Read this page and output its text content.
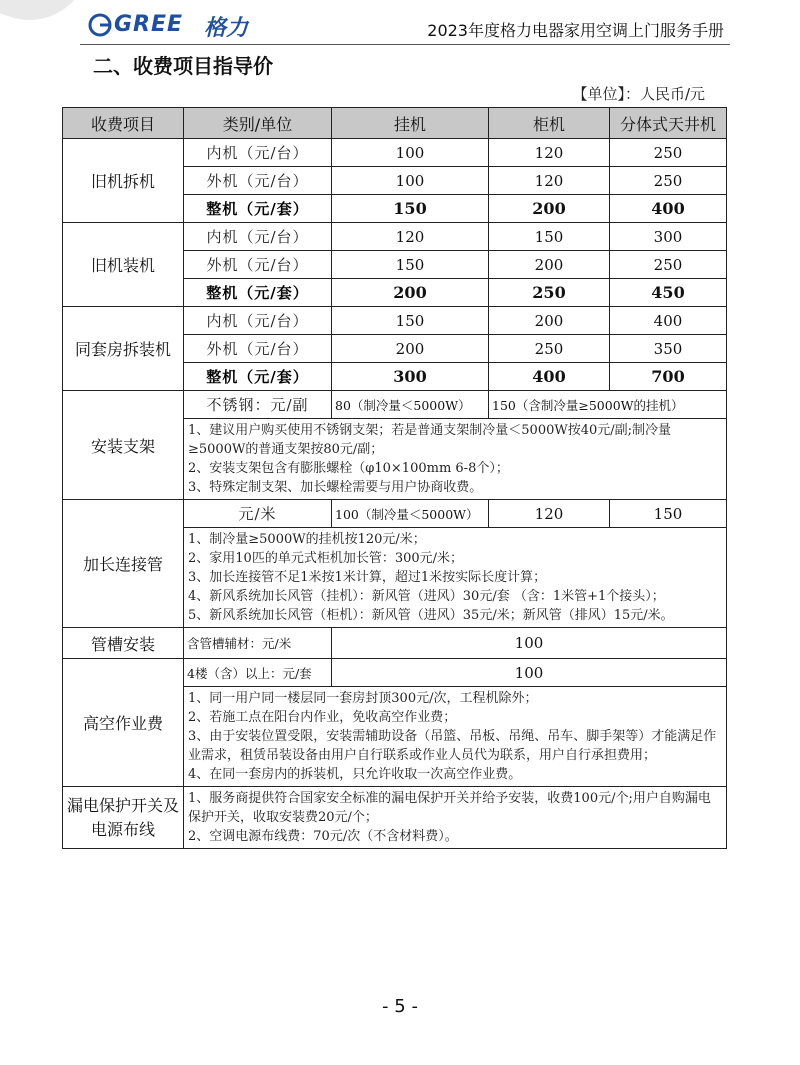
GREE 格力	2023年度格力电器家用空调上门服务手册
二、收费项目指导价
【单位】：人民币/元
收费项目	类别/单位	挂机	柜机	分体式天井机
旧机拆机	内机（元/台）	100	120	250
	外机（元/台）	100	120	250
	整机（元/套）	150	200	400
旧机装机	内机（元/台）	120	150	300
	外机（元/台）	150	200	250
	整机（元/套）	200	250	450
同套房拆装机	内机（元/台）	150	200	400
	外机（元/台）	200	250	350
	整机（元/套）	300	400	700
安装支架	不锈钢：元/副	80（制冷量＜5000W）	150（含制冷量≥5000W的挂机）	

	1、建议用户购买使用不锈钢支架；若是普通支架制冷量＜5000W按40元/副;制冷量≥5000W的普通支架按80元/副；
2、安装支架包含有膨胀螺栓（φ10×100mm 6-8个）；
3、特殊定制支架、加长螺栓需要与用户协商收费。			

加长连接管	元/米	100（制冷量＜5000W）	120	150

	1、制冷量≥5000W的挂机按120元/米；
2、家用10匹的单元式柜机加长管：300元/米；
3、加长连接管不足1米按1米计算，超过1米按实际长度计算；
4、新风系统加长风管（挂机）：新风管（进风）30元/套 （含：1米管+1个接头）；
5、新风系统加长风管（柜机）：新风管（进风）35元/米；新风管（排风）15元/米。			

管槽安装	含管槽辅材：元/米	100		
高空作业费	4楼（含）以上：元/套	100		

	1、同一用户同一楼层同一套房封顶300元/次，工程机除外；
2、若施工点在阳台内作业，免收高空作业费；
3、由于安装位置受限，安装需辅助设备（吊篮、吊板、吊绳、吊车、脚手架等）才能满足作业需求，租赁吊装设备由用户自行联系或作业人员代为联系，用户自行承担费用；
4、在同一套房内的拆装机，只允许收取一次高空作业费。			

漏电保护开关及电源布线	1、服务商提供符合国家安全标准的漏电保护开关并给予安装，收费100元/个;用户自购漏电保护开关，收取安装费20元/个；
2、空调电源布线费：70元/次（不含材料费）。			
- 5 -
